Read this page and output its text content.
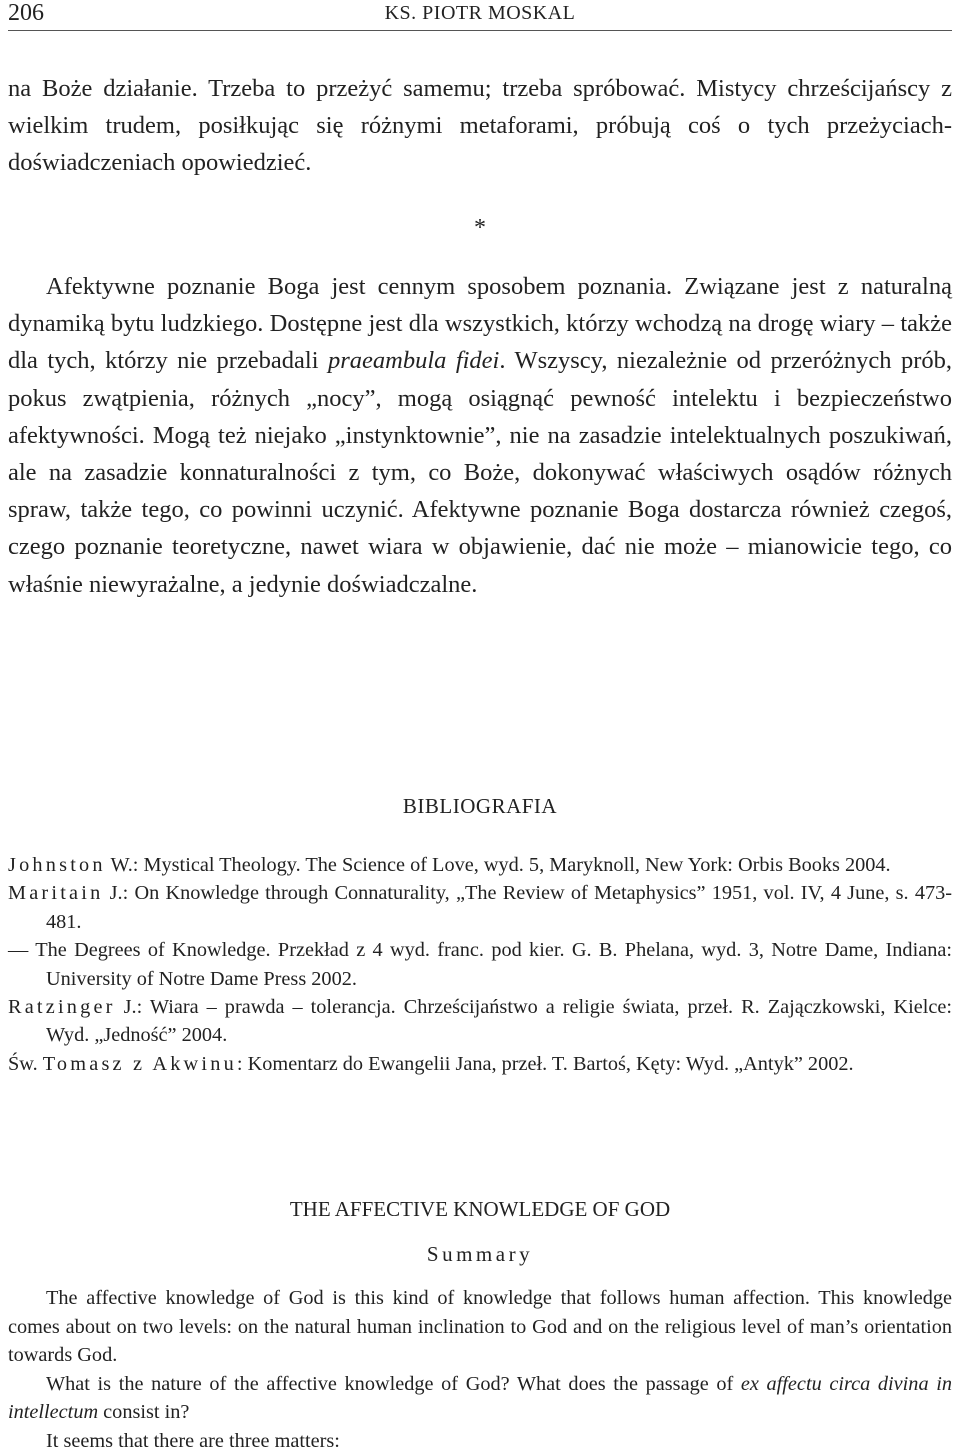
206	KS. PIOTR MOSKAL

na Boże działanie. Trzeba to przeżyć samemu; trzeba spróbować. Mistycy chrześcijańscy z wielkim trudem, posiłkując się różnymi metaforami, próbują coś o tych przeżyciach-doświadczeniach opowiedzieć.

*

Afektywne poznanie Boga jest cennym sposobem poznania. Związane jest z naturalną dynamiką bytu ludzkiego. Dostępne jest dla wszystkich, którzy wchodzą na drogę wiary – także dla tych, którzy nie przebadali praeambula fidei. Wszyscy, niezależnie od przeróżnych prób, pokus zwątpienia, różnych „nocy”, mogą osiągnąć pewność intelektu i bezpieczeństwo afektywności. Mogą też niejako „instynktownie”, nie na zasadzie intelektualnych poszukiwań, ale na zasadzie konnaturalności z tym, co Boże, dokonywać właściwych osądów różnych spraw, także tego, co powinni uczynić. Afektywne poznanie Boga dostarcza również czegoś, czego poznanie teoretyczne, nawet wiara w objawienie, dać nie może – mianowicie tego, co właśnie niewyrażalne, a jedynie doświadczalne.

BIBLIOGRAFIA
Johnston W.: Mystical Theology. The Science of Love, wyd. 5, Maryknoll, New York: Orbis Books 2004.
Maritain J.: On Knowledge through Connaturality, „The Review of Metaphysics” 1951, vol. IV, 4 June, s. 473-481.
— The Degrees of Knowledge. Przekład z 4 wyd. franc. pod kier. G. B. Phelana, wyd. 3, Notre Dame, Indiana: University of Notre Dame Press 2002.
Ratzinger J.: Wiara – prawda – tolerancja. Chrześcijaństwo a religie świata, przeł. R. Zajączkowski, Kielce: Wyd. „Jedność” 2004.
Św. Tomasz z Akwinu: Komentarz do Ewangelii Jana, przeł. T. Bartoś, Kęty: Wyd. „Antyk” 2002.
THE AFFECTIVE KNOWLEDGE OF GOD
Summary

The affective knowledge of God is this kind of knowledge that follows human affection. This knowledge comes about on two levels: on the natural human inclination to God and on the religious level of man’s orientation towards God.

What is the nature of the affective knowledge of God? What does the passage of ex affectu circa divina in intellectum consist in?

It seems that there are three matters:
